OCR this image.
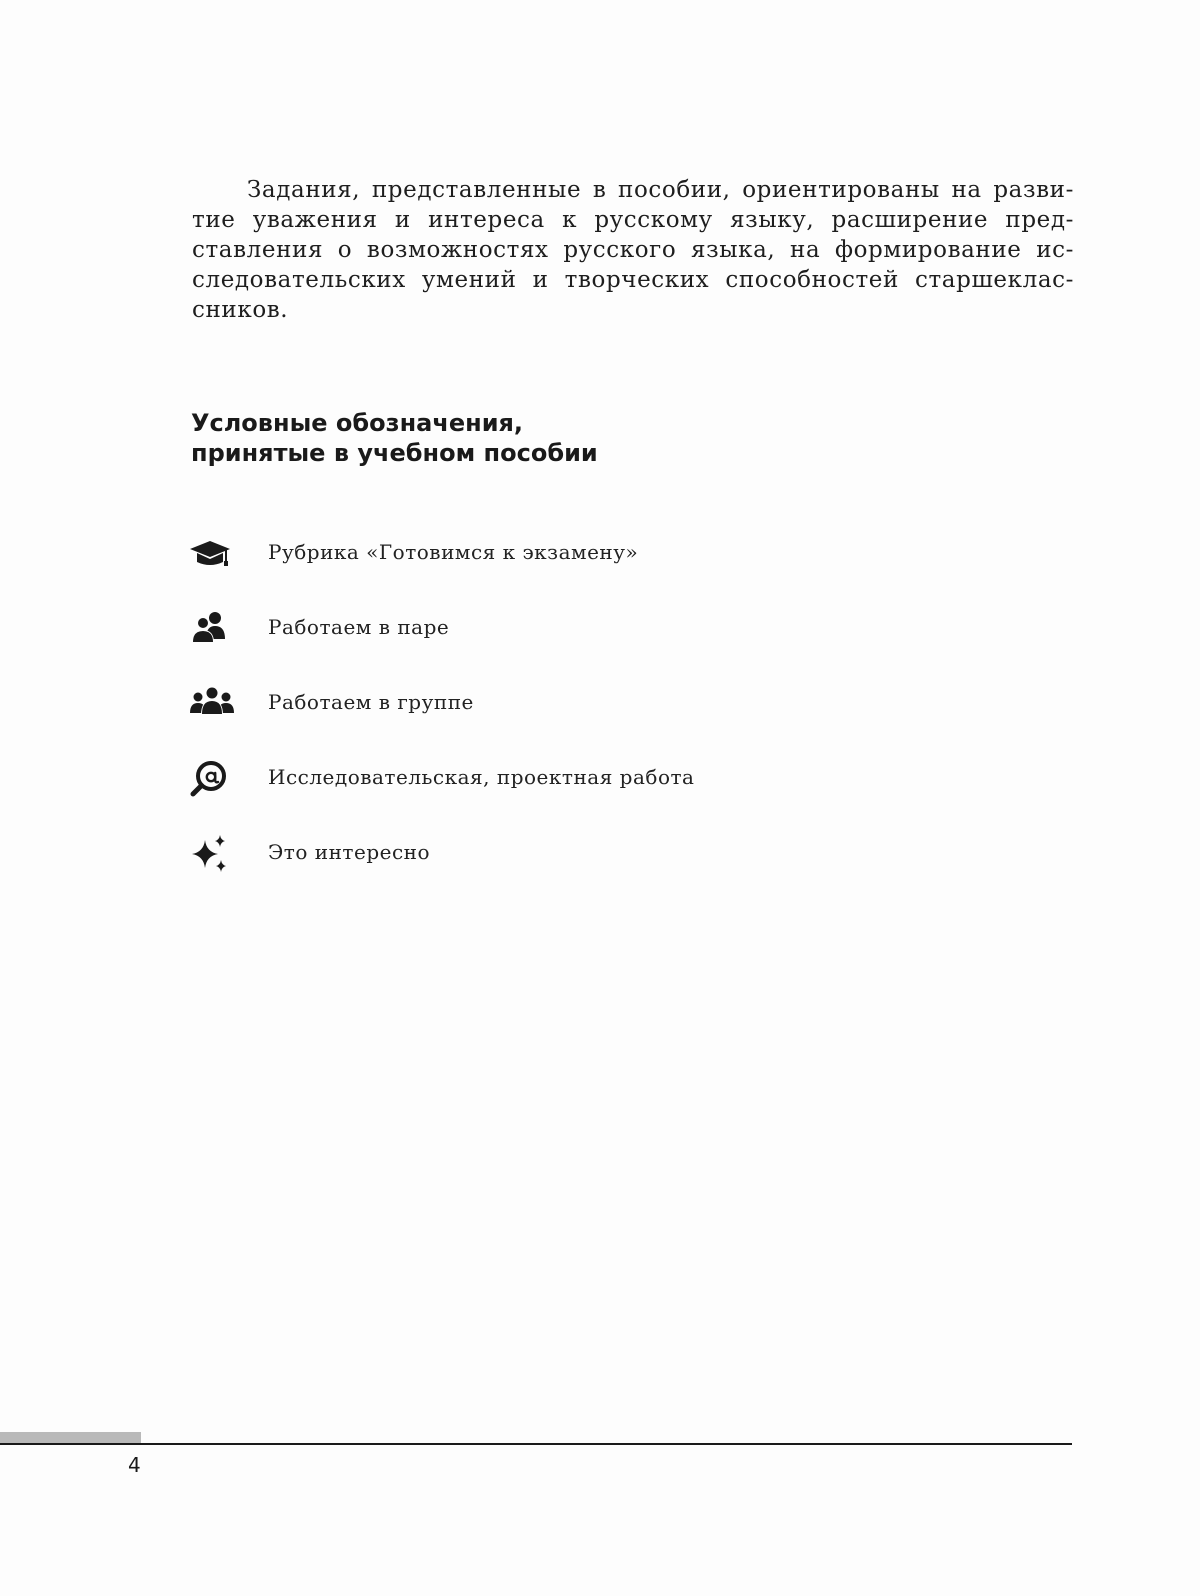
Задания, представленные в пособии, ориентированы на разви-
тие уважения и интереса к русскому языку, расширение пред-
ставления о возможностях русского языка, на формирование ис-
следовательских умений и творческих способностей старшеклас-
сников.

Условные обозначения,
принятые в учебном пособии
Рубрика «Готовимся к экзамену»
Работаем в паре
Работаем в группе
Исследовательская, проектная работа
Это интересно
4
